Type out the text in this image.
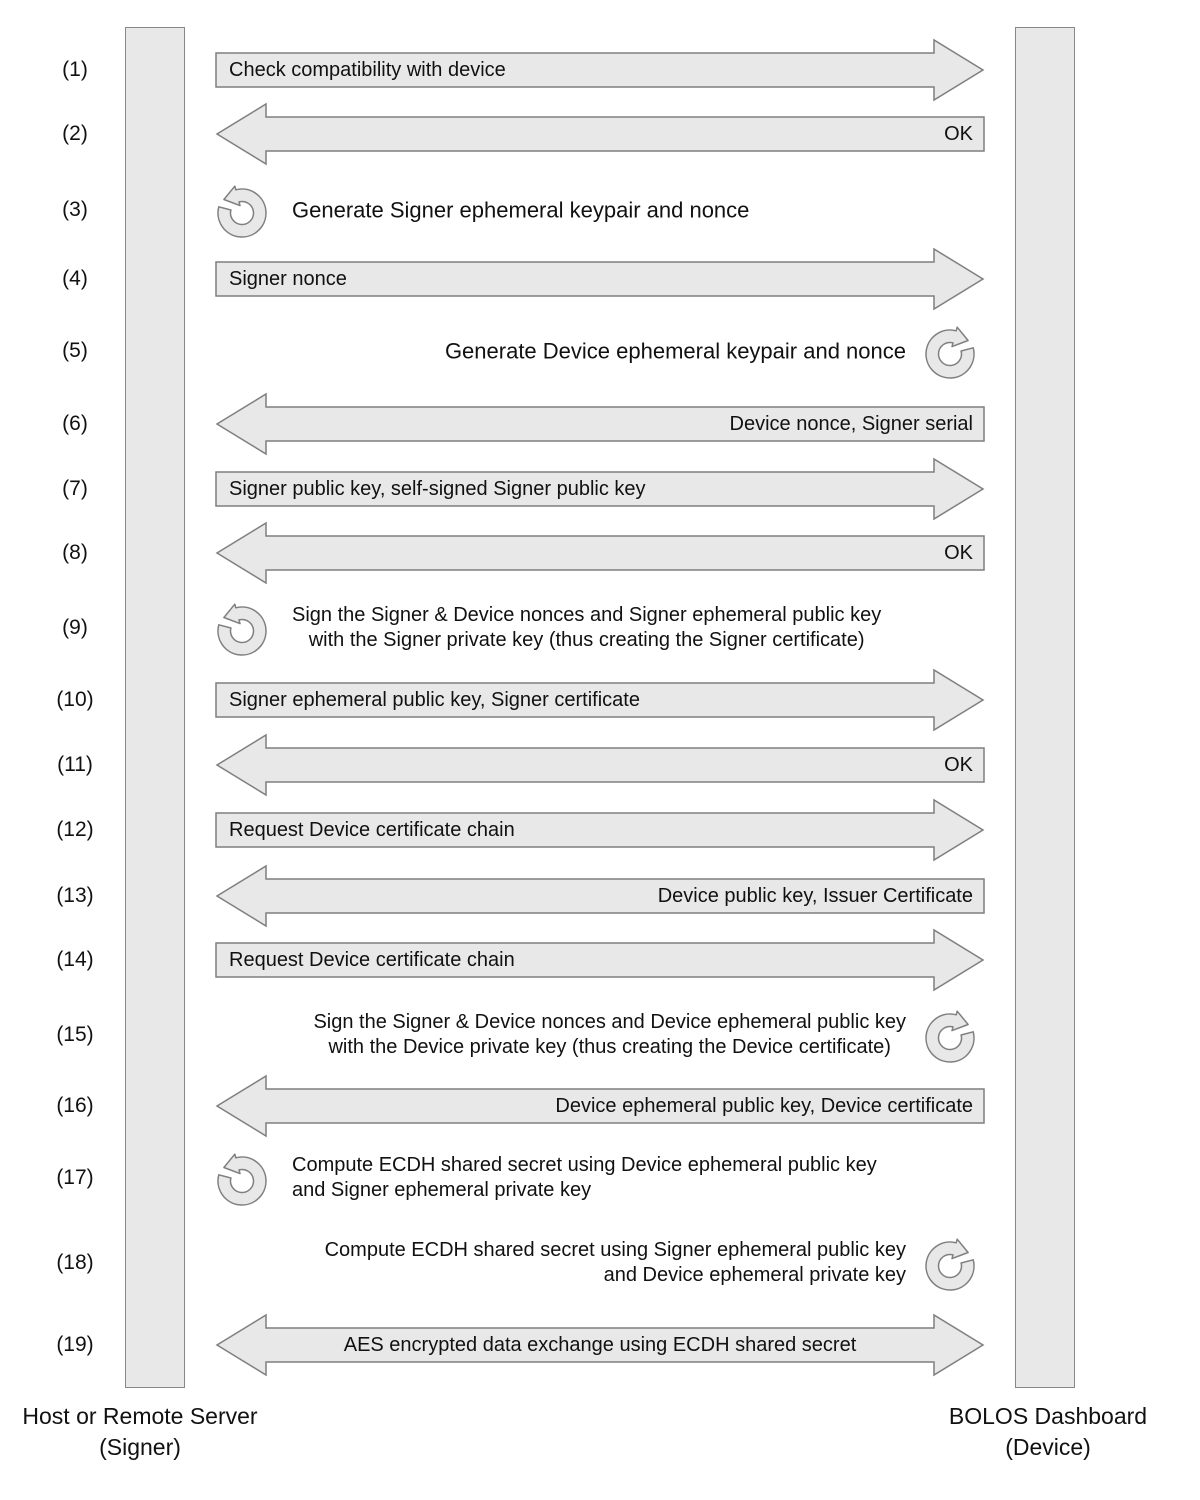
(1)	Check compatibility with device
(2)	OK
(3)	Generate Signer ephemeral keypair and nonce
(4)	Signer nonce
(5)	Generate Device ephemeral keypair and nonce
(6)	Device nonce, Signer serial
(7)	Signer public key, self-signed Signer public key
(8)	OK
(9)
Sign the Signer & Device nonces and Signer ephemeral public key
with the Signer private key (thus creating the Signer certificate)
(10)	Signer ephemeral public key, Signer certificate
(11)	OK
(12)	Request Device certificate chain
(13)	Device public key, Issuer Certificate
(14)	Request Device certificate chain
(15)
Sign the Signer & Device nonces and Device ephemeral public key
with the Device private key (thus creating the Device certificate)
(16)	Device ephemeral public key, Device certificate
(17)
Compute ECDH shared secret using Device ephemeral public key
and Signer ephemeral private key
(18)
Compute ECDH shared secret using Signer ephemeral public key
and Device ephemeral private key
(19)	AES encrypted data exchange using ECDH shared secret
Host or Remote Server
(Signer)
BOLOS Dashboard
(Device)
